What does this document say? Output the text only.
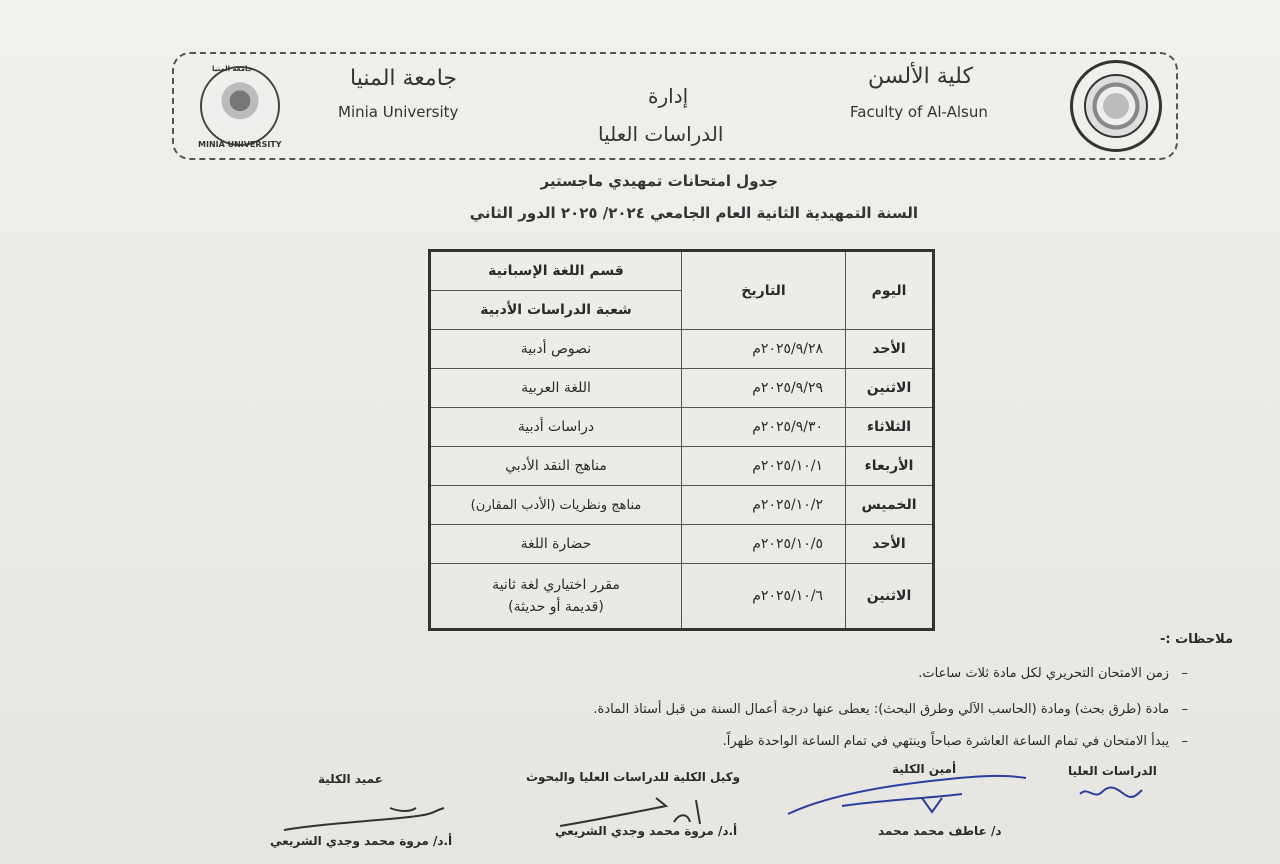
جامعة المنيا
MINIA UNIVERSITY
جامعة المنيا
Minia University
إدارة
الدراسات العليا
كلية الألسن
Faculty of Al-Alsun
جدول امتحانات تمهيدي ماجستير
السنة التمهيدية الثانية العام الجامعي ٢٠٢٤/ ٢٠٢٥ الدور الثاني
اليوم	التاريخ	قسم اللغة الإسبانية
		شعبة الدراسات الأدبية
الأحد	٢٠٢٥/٩/٢٨م	نصوص أدبية
الاثنين	٢٠٢٥/٩/٢٩م	اللغة العربية
الثلاثاء	٢٠٢٥/٩/٣٠م	دراسات أدبية
الأربعاء	٢٠٢٥/١٠/١م	مناهج النقد الأدبي
الخميس	٢٠٢٥/١٠/٢م	مناهج ونظريات (الأدب المقارن)
الأحد	٢٠٢٥/١٠/٥م	حضارة اللغة
الاثنين	٢٠٢٥/١٠/٦م	مقرر اختياري لغة ثانية (قديمة أو حديثة)
ملاحظات :-
–   زمن الامتحان التحريري لكل مادة ثلاث ساعات.
–   مادة (طرق بحث) ومادة (الحاسب الآلي وطرق البحث): يعطى عنها درجة أعمال السنة من قبل أستاذ المادة.
–   يبدأ الامتحان في تمام الساعة العاشرة صباحاً وينتهي في تمام الساعة الواحدة ظهراً.
الدراسات العليا
أمين الكلية
د/ عاطف محمد محمد
وكيل الكلية للدراسات العليا والبحوث
أ.د/ مروة محمد وجدي الشريعي
عميد الكلية
أ.د/ مروة محمد وجدي الشريعي
